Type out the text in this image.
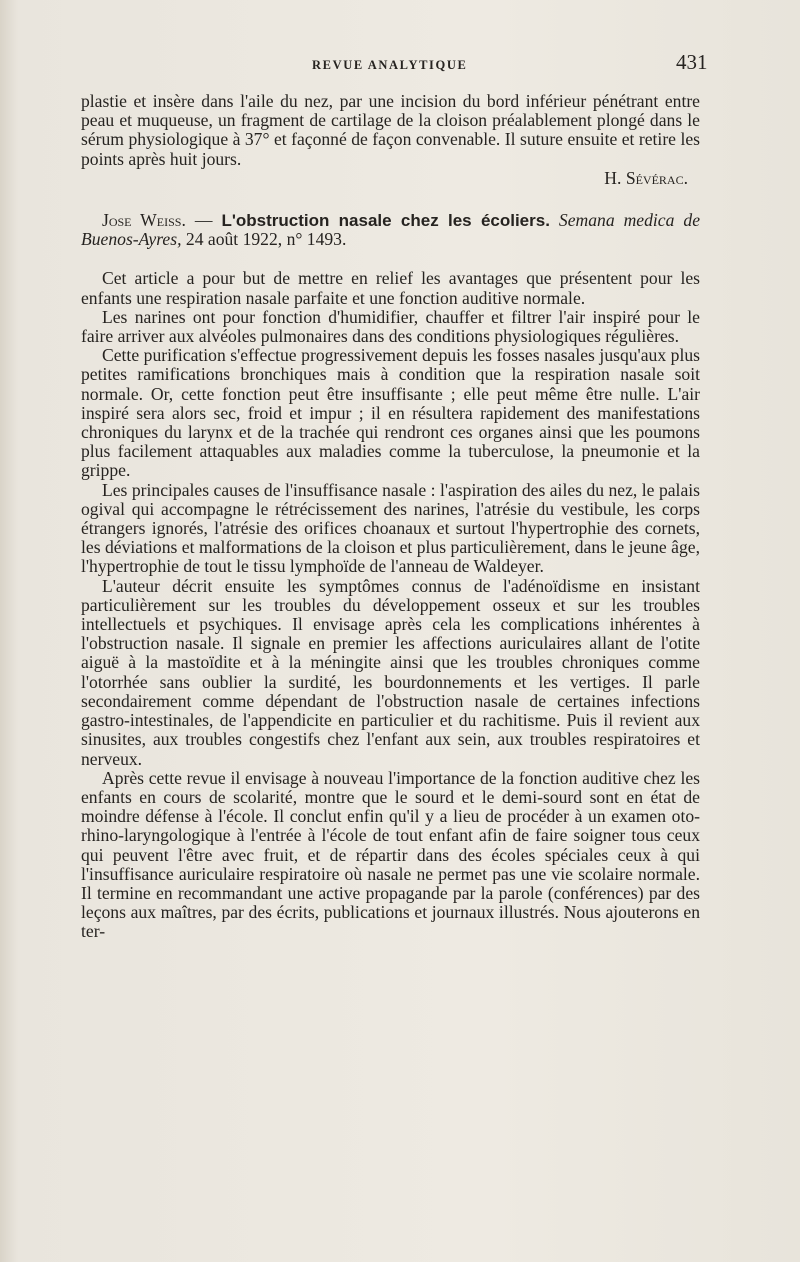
REVUE ANALYTIQUE	431

plastie et insère dans l'aile du nez, par une incision du bord inférieur pénétrant entre peau et muqueuse, un fragment de cartilage de la cloison préalablement plongé dans le sérum physiologique à 37° et façonné de façon convenable. Il suture ensuite et retire les points après huit jours.
H. Sévérac.

Jose Weiss. — L'obstruction nasale chez les écoliers. Semana medica de Buenos-Ayres, 24 août 1922, n° 1493.

Cet article a pour but de mettre en relief les avantages que présentent pour les enfants une respiration nasale parfaite et une fonction auditive normale.

Les narines ont pour fonction d'humidifier, chauffer et filtrer l'air inspiré pour le faire arriver aux alvéoles pulmonaires dans des conditions physiologiques régulières.

Cette purification s'effectue progressivement depuis les fosses nasales jusqu'aux plus petites ramifications bronchiques mais à condition que la respiration nasale soit normale. Or, cette fonction peut être insuffisante ; elle peut même être nulle. L'air inspiré sera alors sec, froid et impur ; il en résultera rapidement des manifestations chroniques du larynx et de la trachée qui rendront ces organes ainsi que les poumons plus facilement attaquables aux maladies comme la tuberculose, la pneumonie et la grippe.

Les principales causes de l'insuffisance nasale : l'aspiration des ailes du nez, le palais ogival qui accompagne le rétrécissement des narines, l'atrésie du vestibule, les corps étrangers ignorés, l'atrésie des orifices choanaux et surtout l'hypertrophie des cornets, les déviations et malformations de la cloison et plus particulièrement, dans le jeune âge, l'hypertrophie de tout le tissu lymphoïde de l'anneau de Waldeyer.

L'auteur décrit ensuite les symptômes connus de l'adénoïdisme en insistant particulièrement sur les troubles du développement osseux et sur les troubles intellectuels et psychiques. Il envisage après cela les complications inhérentes à l'obstruction nasale. Il signale en premier les affections auriculaires allant de l'otite aiguë à la mastoïdite et à la méningite ainsi que les troubles chroniques comme l'otorrhée sans oublier la surdité, les bourdonnements et les vertiges. Il parle secondairement comme dépendant de l'obstruction nasale de certaines infections gastro-intestinales, de l'appendicite en particulier et du rachitisme. Puis il revient aux sinusites, aux troubles congestifs chez l'enfant aux sein, aux troubles respiratoires et nerveux.

Après cette revue il envisage à nouveau l'importance de la fonction auditive chez les enfants en cours de scolarité, montre que le sourd et le demi-sourd sont en état de moindre défense à l'école. Il conclut enfin qu'il y a lieu de procéder à un examen oto-rhino-laryngologique à l'entrée à l'école de tout enfant afin de faire soigner tous ceux qui peuvent l'être avec fruit, et de répartir dans des écoles spéciales ceux à qui l'insuffisance auriculaire respiratoire où nasale ne permet pas une vie scolaire normale. Il termine en recommandant une active propagande par la parole (conférences) par des leçons aux maîtres, par des écrits, publications et journaux illustrés. Nous ajouterons en ter-
